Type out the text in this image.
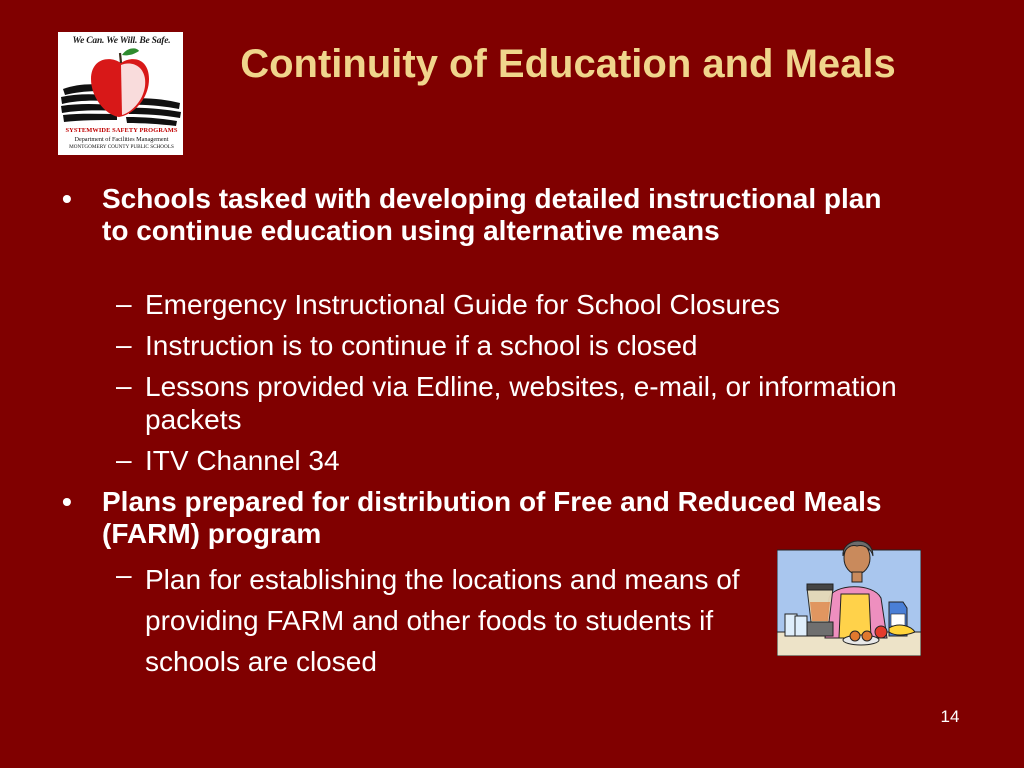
We Can. We Will. Be Safe.
SYSTEMWIDE SAFETY PROGRAMS
Department of Facilities Management
MONTGOMERY COUNTY PUBLIC SCHOOLS
Continuity of Education and Meals
• Schools tasked with developing detailed instructional plan to continue education using alternative means
– Emergency Instructional Guide for School Closures
– Instruction is to continue if a school is closed
– Lessons provided via Edline, websites, e-mail, or information packets
– ITV Channel 34
• Plans prepared for distribution of Free and Reduced Meals (FARM) program
– Plan for establishing the locations and means of providing FARM and other foods to students if schools are closed
14
